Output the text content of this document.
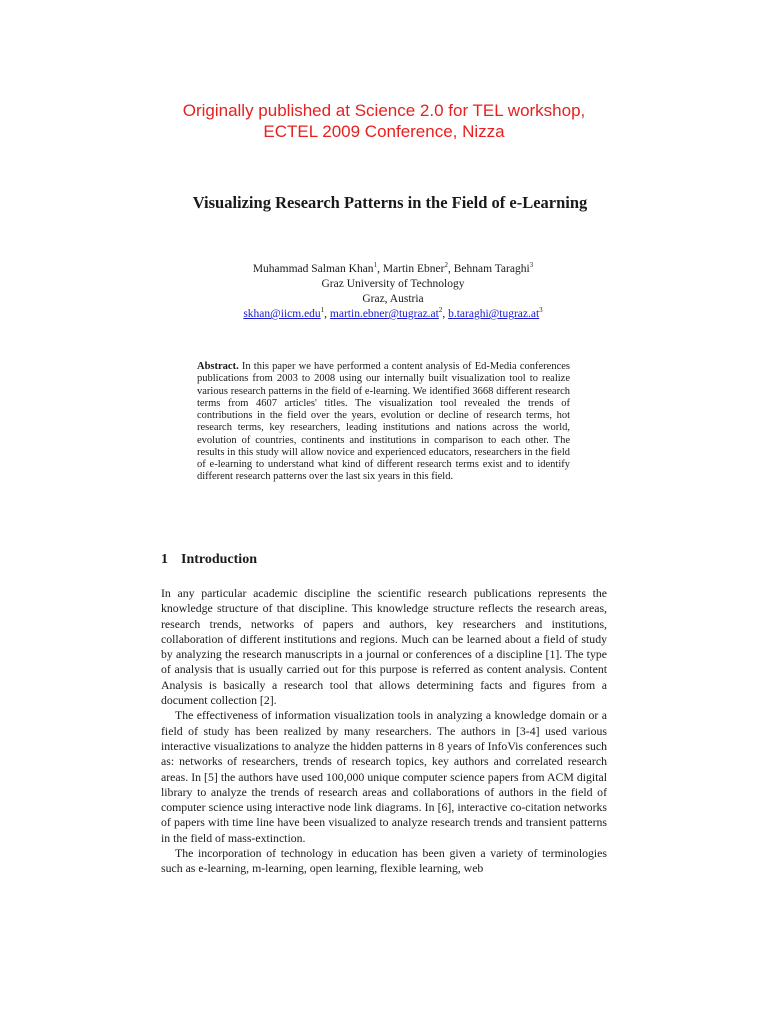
Originally published at Science 2.0 for TEL workshop,
ECTEL 2009 Conference, Nizza
Visualizing Research Patterns in the Field of e-Learning
Muhammad Salman Khan$^1$, Martin Ebner$^2$, Behnam Taraghi$^3$
Graz University of Technology
Graz, Austria
skhan@iicm.edu$^1$, $martin.ebner@tugraz.at^2$, $b.taraghi@tugraz.at^3$
Abstract. In this paper we have performed a content analysis of Ed-Media conferences publications from 2003 to 2008 using our internally built visualization tool to realize various research patterns in the field of e-learning. We identified 3668 different research terms from 4607 articles' titles. The visualization tool revealed the trends of contributions in the field over the years, evolution or decline of research terms, hot research terms, key researchers, leading institutions and nations across the world, evolution of countries, continents and institutions in comparison to each other. The results in this study will allow novice and experienced educators, researchers in the field of e-learning to understand what kind of different research terms exist and to identify different research patterns over the last six years in this field.
1 Introduction

In any particular academic discipline the scientific research publications represents the knowledge structure of that discipline. This knowledge structure reflects the research areas, research trends, networks of papers and authors, key researchers and institutions, collaboration of different institutions and regions. Much can be learned about a field of study by analyzing the research manuscripts in a journal or conferences of a discipline [1]. The type of analysis that is usually carried out for this purpose is referred as content analysis. Content Analysis is basically a research tool that allows determining facts and figures from a document collection [2].

The effectiveness of information visualization tools in analyzing a knowledge domain or a field of study has been realized by many researchers. The authors in [3-4] used various interactive visualizations to analyze the hidden patterns in 8 years of InfoVis conferences such as: networks of researchers, trends of research topics, key authors and correlated research areas. In [5] the authors have used 100,000 unique computer science papers from ACM digital library to analyze the trends of research areas and collaborations of authors in the field of computer science using interactive node link diagrams. In [6], interactive co-citation networks of papers with time line have been visualized to analyze research trends and transient patterns in the field of mass-extinction.

The incorporation of technology in education has been given a variety of terminologies such as e-learning, m-learning, open learning, flexible learning, web
